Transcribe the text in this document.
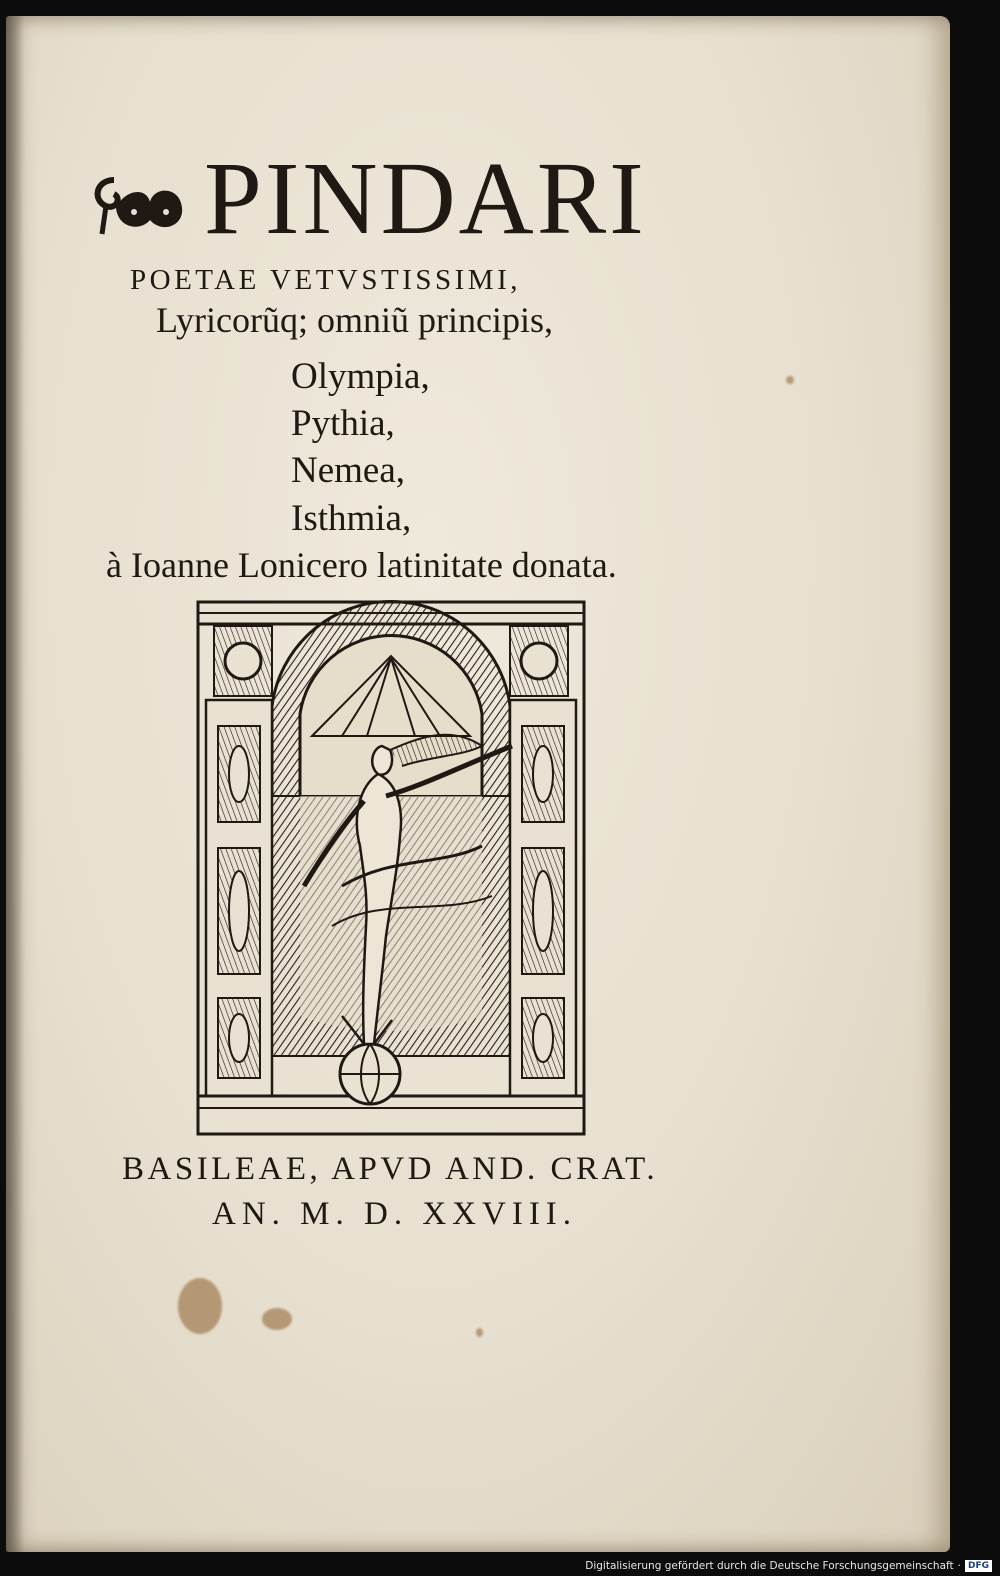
PINDARI

POETAE VETVSTISSIMI,

Lyricorũq; omniũ principis,

Olympia,

Pythia,

Nemea,

Isthmia,

à Ioanne Lonicero latinitate donata.

BASILEAE, APVD AND. CRAT.

AN. M. D. XXVIII.

Digitalisierung gefördert durch die Deutsche Forschungsgemeinschaft · DFG
